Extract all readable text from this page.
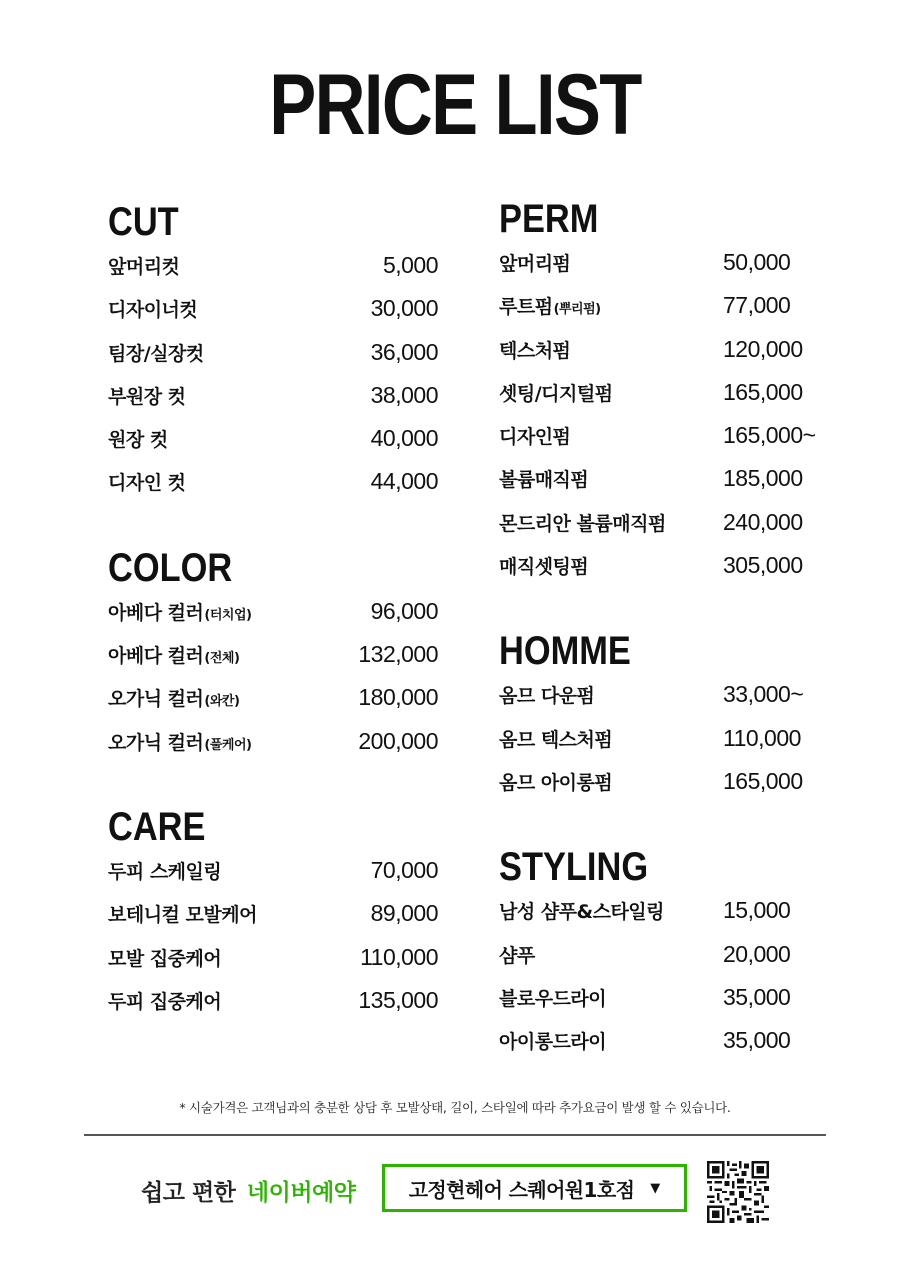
PRICE LIST
CUT
앞머리컷	5,000
디자이너컷	30,000
팀장/실장컷	36,000
부원장 컷	38,000
원장 컷	40,000
디자인 컷	44,000
COLOR
아베다 컬러(터치업)	96,000
아베다 컬러(전체)	132,000
오가닉 컬러(와칸)	180,000
오가닉 컬러(풀케어)	200,000
CARE
두피 스케일링	70,000
보테니컬 모발케어	89,000
모발 집중케어	110,000
두피 집중케어	135,000
PERM
앞머리펌	50,000
루트펌(뿌리펌)	77,000
텍스처펌	120,000
셋팅/디지털펌	165,000
디자인펌	165,000~
볼륨매직펌	185,000
몬드리안 볼륨매직펌	240,000
매직셋팅펌	305,000
HOMME
옴므 다운펌	33,000~
옴므 텍스처펌	110,000
옴므 아이롱펌	165,000
STYLING
남성 샴푸&스타일링	15,000
샴푸	20,000
블로우드라이	35,000
아이롱드라이	35,000
* 시술가격은 고객님과의 충분한 상담 후 모발상태, 길이, 스타일에 따라 추가요금이 발생 할 수 있습니다.
쉽고 편한 네이버예약	고정현헤어 스퀘어원1호점 ▼
